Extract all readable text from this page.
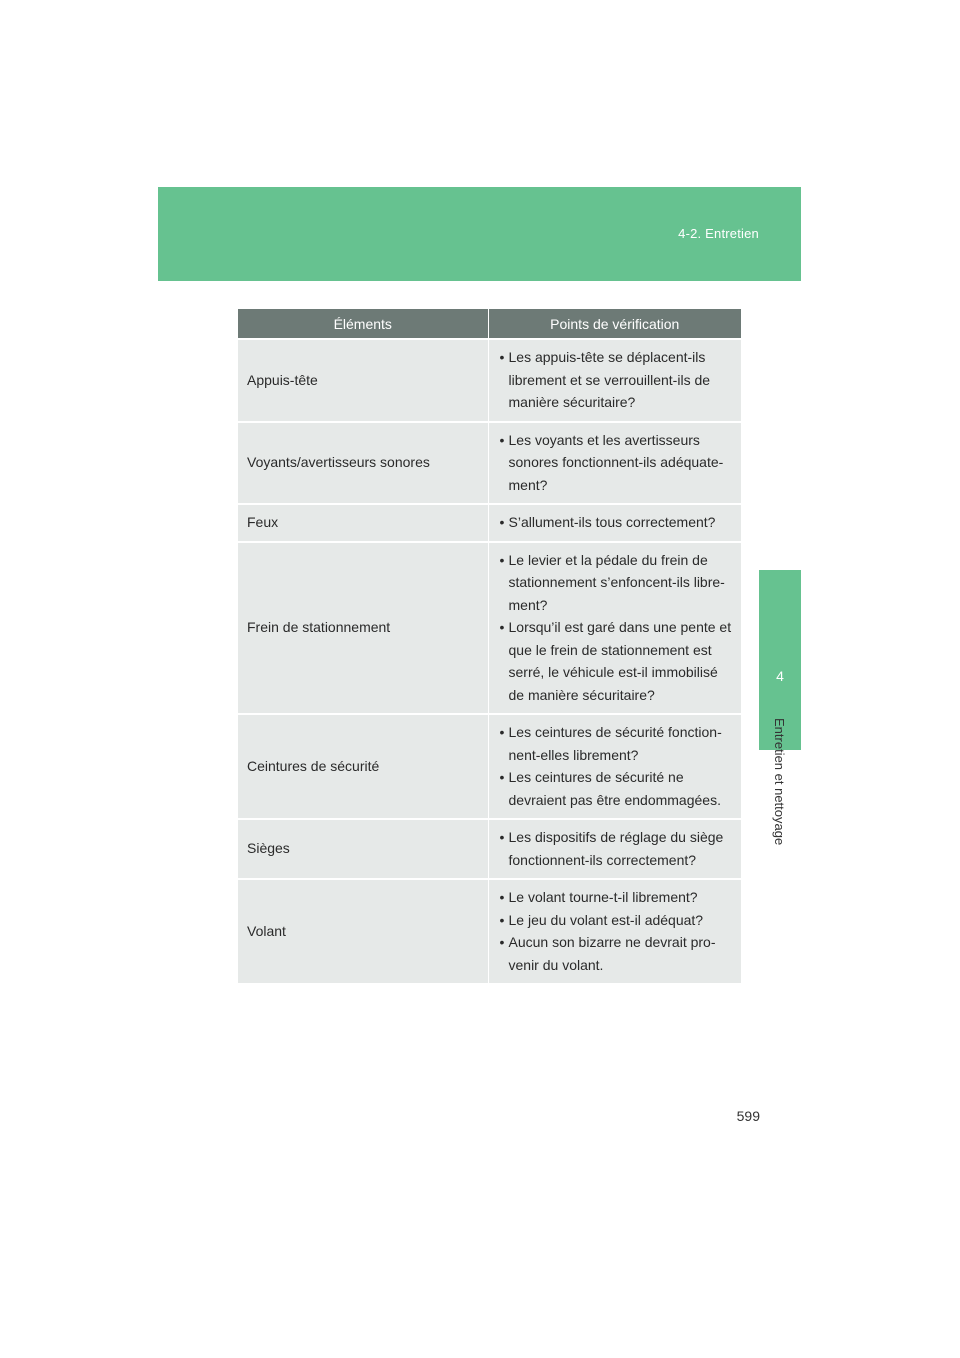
4-2. Entretien
4
Entretien et nettoyage
Éléments	Points de vérification
Appuis-tête	• Les appuis-tête se déplacent-ils librement et se verrouillent-ils de manière sécuritaire?

Voyants/avertisseurs sonores	• Les voyants et les avertisseurs sonores fonctionnent-ils adéquate-ment?

Feux	• S’allument-ils tous correctement?

Frein de stationnement	• Le levier et la pédale du frein de stationnement s’enfoncent-ils libre-ment?
• Lorsqu’il est garé dans une pente et que le frein de stationnement est serré, le véhicule est-il immobilisé de manière sécuritaire?

Ceintures de sécurité	• Les ceintures de sécurité fonction-nent-elles librement?
• Les ceintures de sécurité ne devraient pas être endommagées.

Sièges	• Les dispositifs de réglage du siège fonctionnent-ils correctement?

Volant	• Le volant tourne-t-il librement?
• Le jeu du volant est-il adéquat?
• Aucun son bizarre ne devrait pro-venir du volant.
599
